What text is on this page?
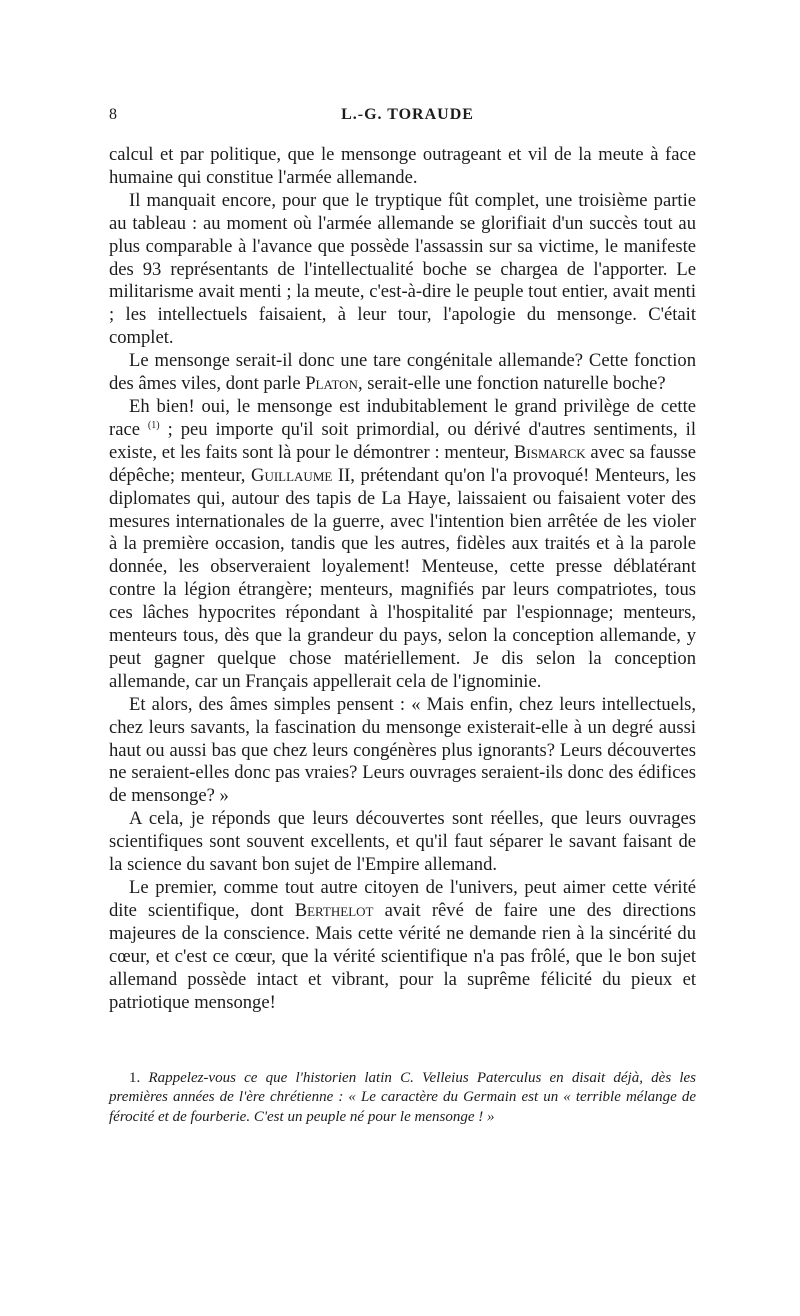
8	L.-G. TORAUDE

calcul et par politique, que le mensonge outrageant et vil de la meute à face humaine qui constitue l'armée allemande.

Il manquait encore, pour que le tryptique fût complet, une troisième partie au tableau : au moment où l'armée allemande se glorifiait d'un succès tout au plus comparable à l'avance que possède l'assassin sur sa victime, le manifeste des 93 représentants de l'intellectualité boche se chargea de l'apporter. Le militarisme avait menti ; la meute, c'est-à-dire le peuple tout entier, avait menti ; les intellectuels faisaient, à leur tour, l'apologie du mensonge. C'était complet.

Le mensonge serait-il donc une tare congénitale allemande? Cette fonction des âmes viles, dont parle Platon, serait-elle une fonction naturelle boche?

Eh bien! oui, le mensonge est indubitablement le grand privilège de cette race $^{(1)}$ ; peu importe qu'il soit primordial, ou dérivé d'autres sentiments, il existe, et les faits sont là pour le démontrer : menteur, Bismarck avec sa fausse dépêche; menteur, Guillaume II, prétendant qu'on l'a provoqué! Menteurs, les diplomates qui, autour des tapis de La Haye, laissaient ou faisaient voter des mesures internationales de la guerre, avec l'intention bien arrêtée de les violer à la première occasion, tandis que les autres, fidèles aux traités et à la parole donnée, les observeraient loyalement! Menteuse, cette presse déblatérant contre la légion étrangère; menteurs, magnifiés par leurs compatriotes, tous ces lâches hypocrites répondant à l'hospitalité par l'espionnage; menteurs, menteurs tous, dès que la grandeur du pays, selon la conception allemande, y peut gagner quelque chose matériellement. Je dis selon la conception allemande, car un Français appellerait cela de l'ignominie.

Et alors, des âmes simples pensent : « Mais enfin, chez leurs intellectuels, chez leurs savants, la fascination du mensonge existerait-elle à un degré aussi haut ou aussi bas que chez leurs congénères plus ignorants? Leurs découvertes ne seraient-elles donc pas vraies? Leurs ouvrages seraient-ils donc des édifices de mensonge? »

A cela, je réponds que leurs découvertes sont réelles, que leurs ouvrages scientifiques sont souvent excellents, et qu'il faut séparer le savant faisant de la science du savant bon sujet de l'Empire allemand.

Le premier, comme tout autre citoyen de l'univers, peut aimer cette vérité dite scientifique, dont Berthelot avait rêvé de faire une des directions majeures de la conscience. Mais cette vérité ne demande rien à la sincérité du cœur, et c'est ce cœur, que la vérité scientifique n'a pas frôlé, que le bon sujet allemand possède intact et vibrant, pour la suprême félicité du pieux et patriotique mensonge!

1. Rappelez-vous ce que l'historien latin C. Velleius Paterculus en disait déjà, dès les premières années de l'ère chrétienne : « Le caractère du Germain est un « terrible mélange de férocité et de fourberie. C'est un peuple né pour le mensonge ! »
